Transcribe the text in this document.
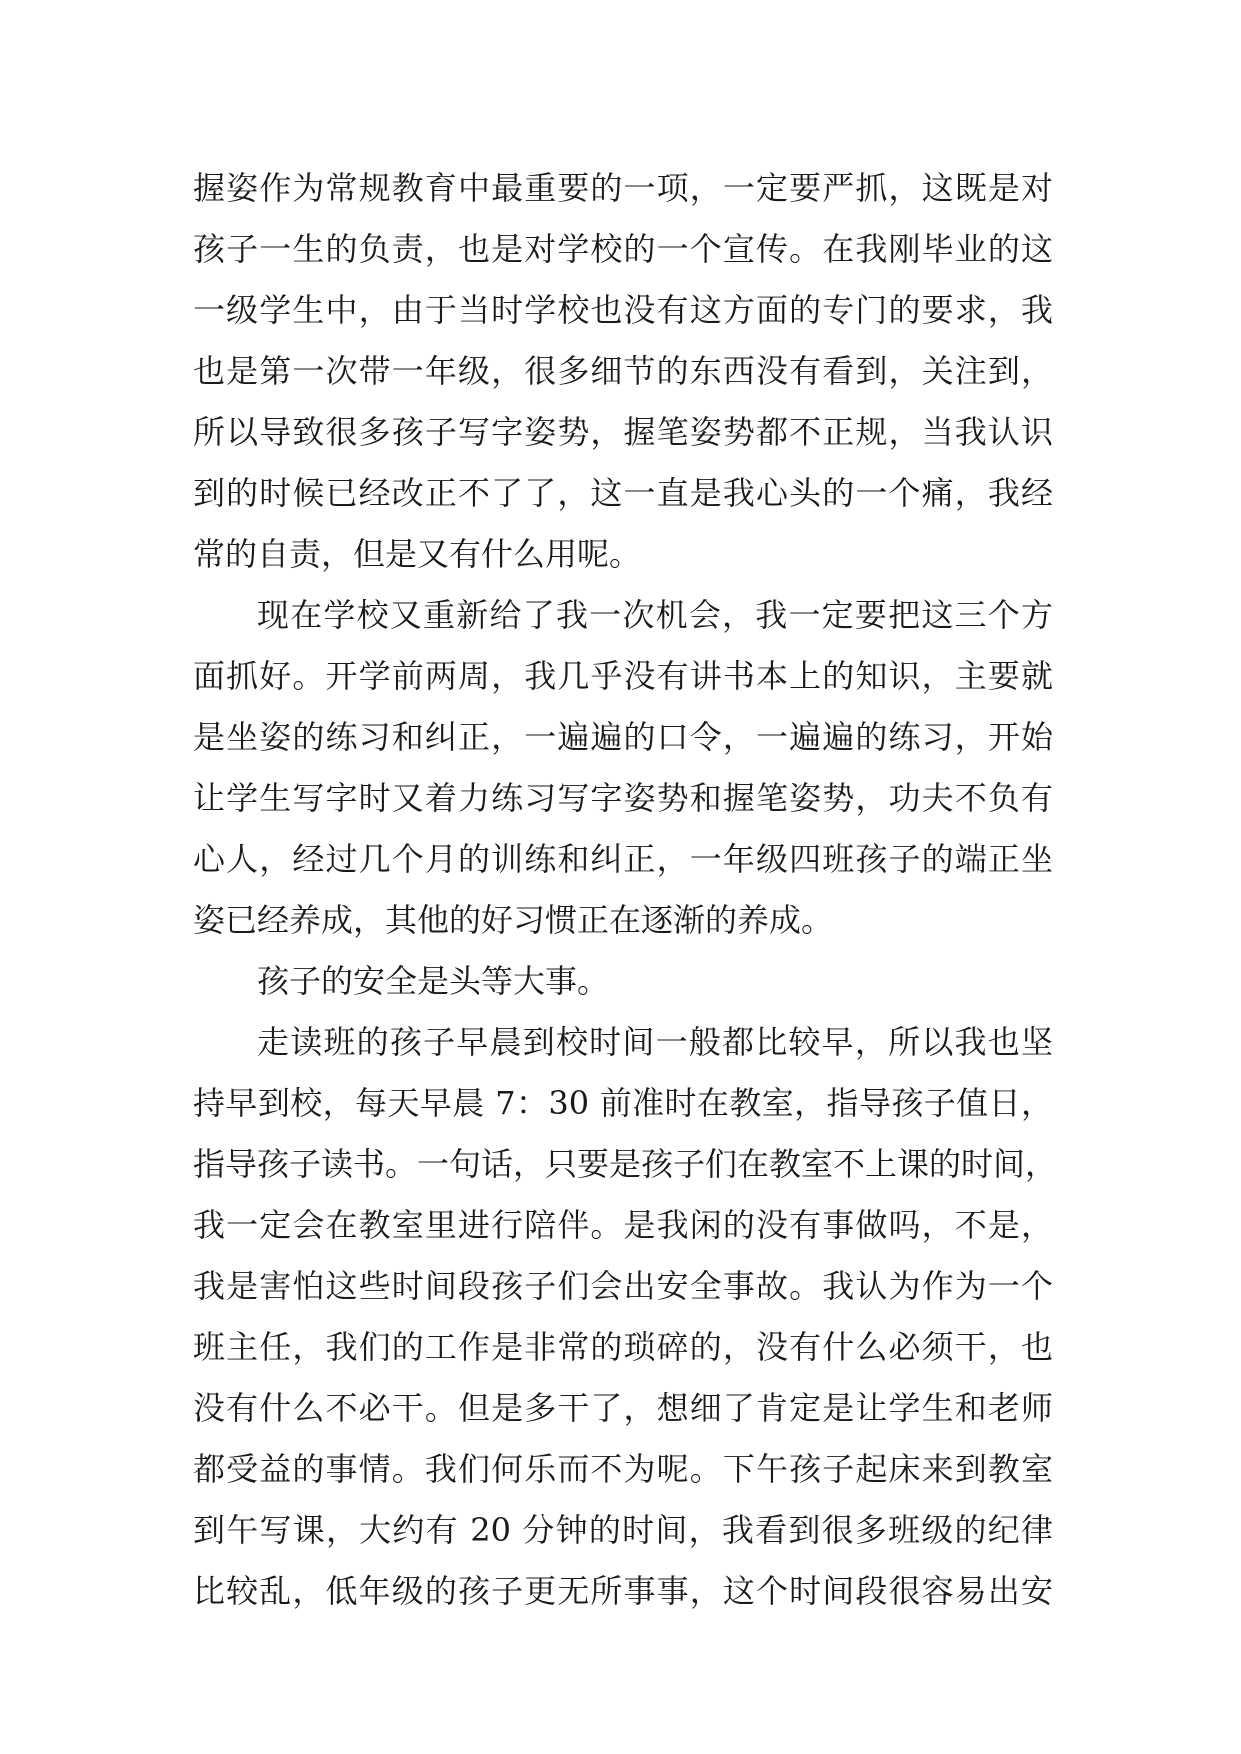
握姿作为常规教育中最重要的一项，一定要严抓，这既是对
孩子一生的负责，也是对学校的一个宣传。在我刚毕业的这
一级学生中，由于当时学校也没有这方面的专门的要求，我
也是第一次带一年级，很多细节的东西没有看到，关注到，
所以导致很多孩子写字姿势，握笔姿势都不正规，当我认识
到的时候已经改正不了了，这一直是我心头的一个痛，我经
常的自责，但是又有什么用呢。
现在学校又重新给了我一次机会，我一定要把这三个方
面抓好。开学前两周，我几乎没有讲书本上的知识，主要就
是坐姿的练习和纠正，一遍遍的口令，一遍遍的练习，开始
让学生写字时又着力练习写字姿势和握笔姿势，功夫不负有
心人，经过几个月的训练和纠正，一年级四班孩子的端正坐
姿已经养成，其他的好习惯正在逐渐的养成。
孩子的安全是头等大事。
走读班的孩子早晨到校时间一般都比较早，所以我也坚
持早到校，每天早晨 7：30 前准时在教室，指导孩子值日，
指导孩子读书。一句话，只要是孩子们在教室不上课的时间，
我一定会在教室里进行陪伴。是我闲的没有事做吗，不是，
我是害怕这些时间段孩子们会出安全事故。我认为作为一个
班主任，我们的工作是非常的琐碎的，没有什么必须干，也
没有什么不必干。但是多干了，想细了肯定是让学生和老师
都受益的事情。我们何乐而不为呢。下午孩子起床来到教室
到午写课，大约有 20 分钟的时间，我看到很多班级的纪律
比较乱，低年级的孩子更无所事事，这个时间段很容易出安
